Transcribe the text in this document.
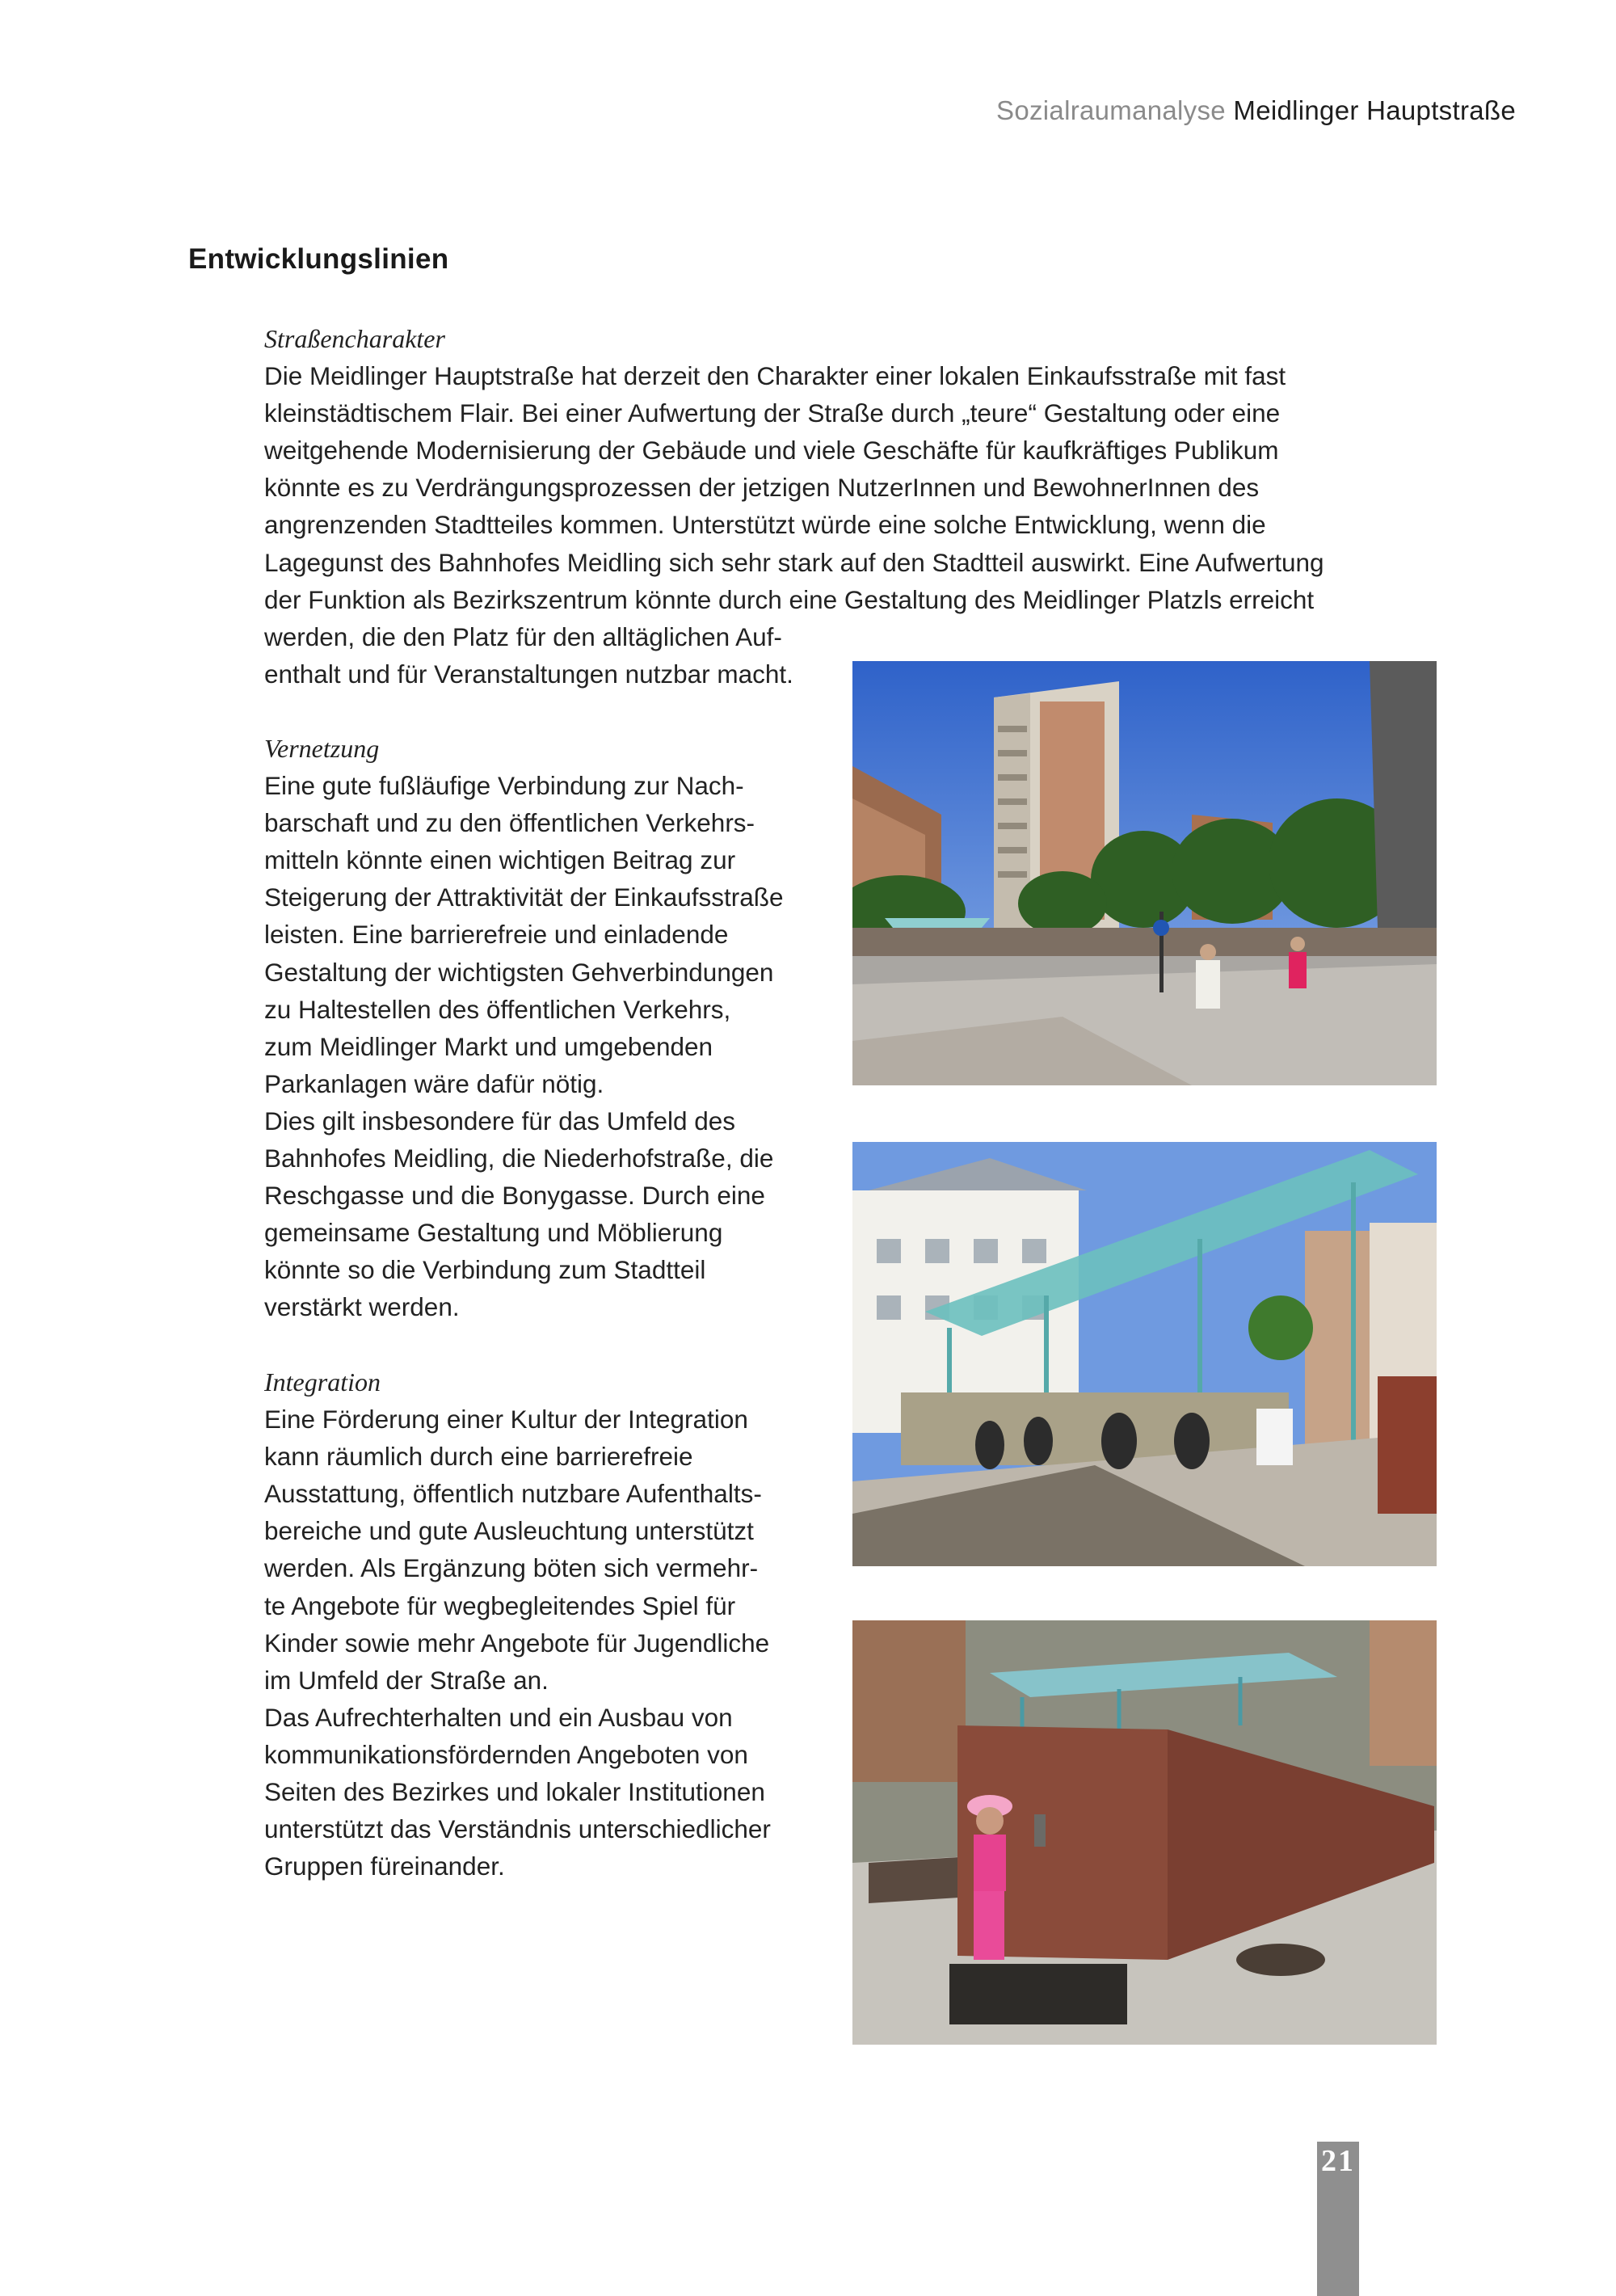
Sozialraumanalyse Meidlinger Hauptstraße
Entwicklungslinien

Straßencharakter

Die Meidlinger Hauptstraße hat derzeit den Charakter einer lokalen Einkaufsstraße mit fast

kleinstädtischem Flair. Bei einer Aufwertung der Straße durch „teure“ Gestaltung oder eine

weitgehende Modernisierung der Gebäude und viele Geschäfte für kaufkräftiges Publikum

könnte es zu Verdrängungsprozessen der jetzigen NutzerInnen und BewohnerInnen des

angrenzenden Stadtteiles kommen. Unterstützt würde eine solche Entwicklung, wenn die

Lagegunst des Bahnhofes Meidling sich sehr stark auf den Stadtteil auswirkt. Eine Aufwertung

der Funktion als Bezirkszentrum könnte durch eine Gestaltung des Meidlinger Platzls erreicht

werden, die den Platz für den alltäglichen Auf-

enthalt und für Veranstaltungen nutzbar macht.

Vernetzung

Eine gute fußläufige Verbindung zur Nach-

barschaft und zu den öffentlichen Verkehrs-

mitteln könnte einen wichtigen Beitrag zur

Steigerung der Attraktivität der Einkaufsstraße

leisten. Eine barrierefreie und einladende

Gestaltung der wichtigsten Gehverbindungen

zu Haltestellen des öffentlichen Verkehrs,

zum Meidlinger Markt und umgebenden

Parkanlagen wäre dafür nötig.

Dies gilt insbesondere für das Umfeld des

Bahnhofes Meidling, die Niederhofstraße, die

Reschgasse und die Bonygasse. Durch eine

gemeinsame Gestaltung und Möblierung

könnte so die Verbindung zum Stadtteil

verstärkt werden.

Integration

Eine Förderung einer Kultur der Integration

kann räumlich durch eine barrierefreie

Ausstattung, öffentlich nutzbare Aufenthalts-

bereiche und gute Ausleuchtung unterstützt

werden. Als Ergänzung böten sich vermehr-

te Angebote für wegbegleitendes Spiel für

Kinder sowie mehr Angebote für Jugendliche

im Umfeld der Straße an.

Das Aufrechterhalten und ein Ausbau von

kommunikationsfördernden Angeboten von

Seiten des Bezirkes und lokaler Institutionen

unterstützt das Verständnis unterschiedlicher

Gruppen füreinander.

21
